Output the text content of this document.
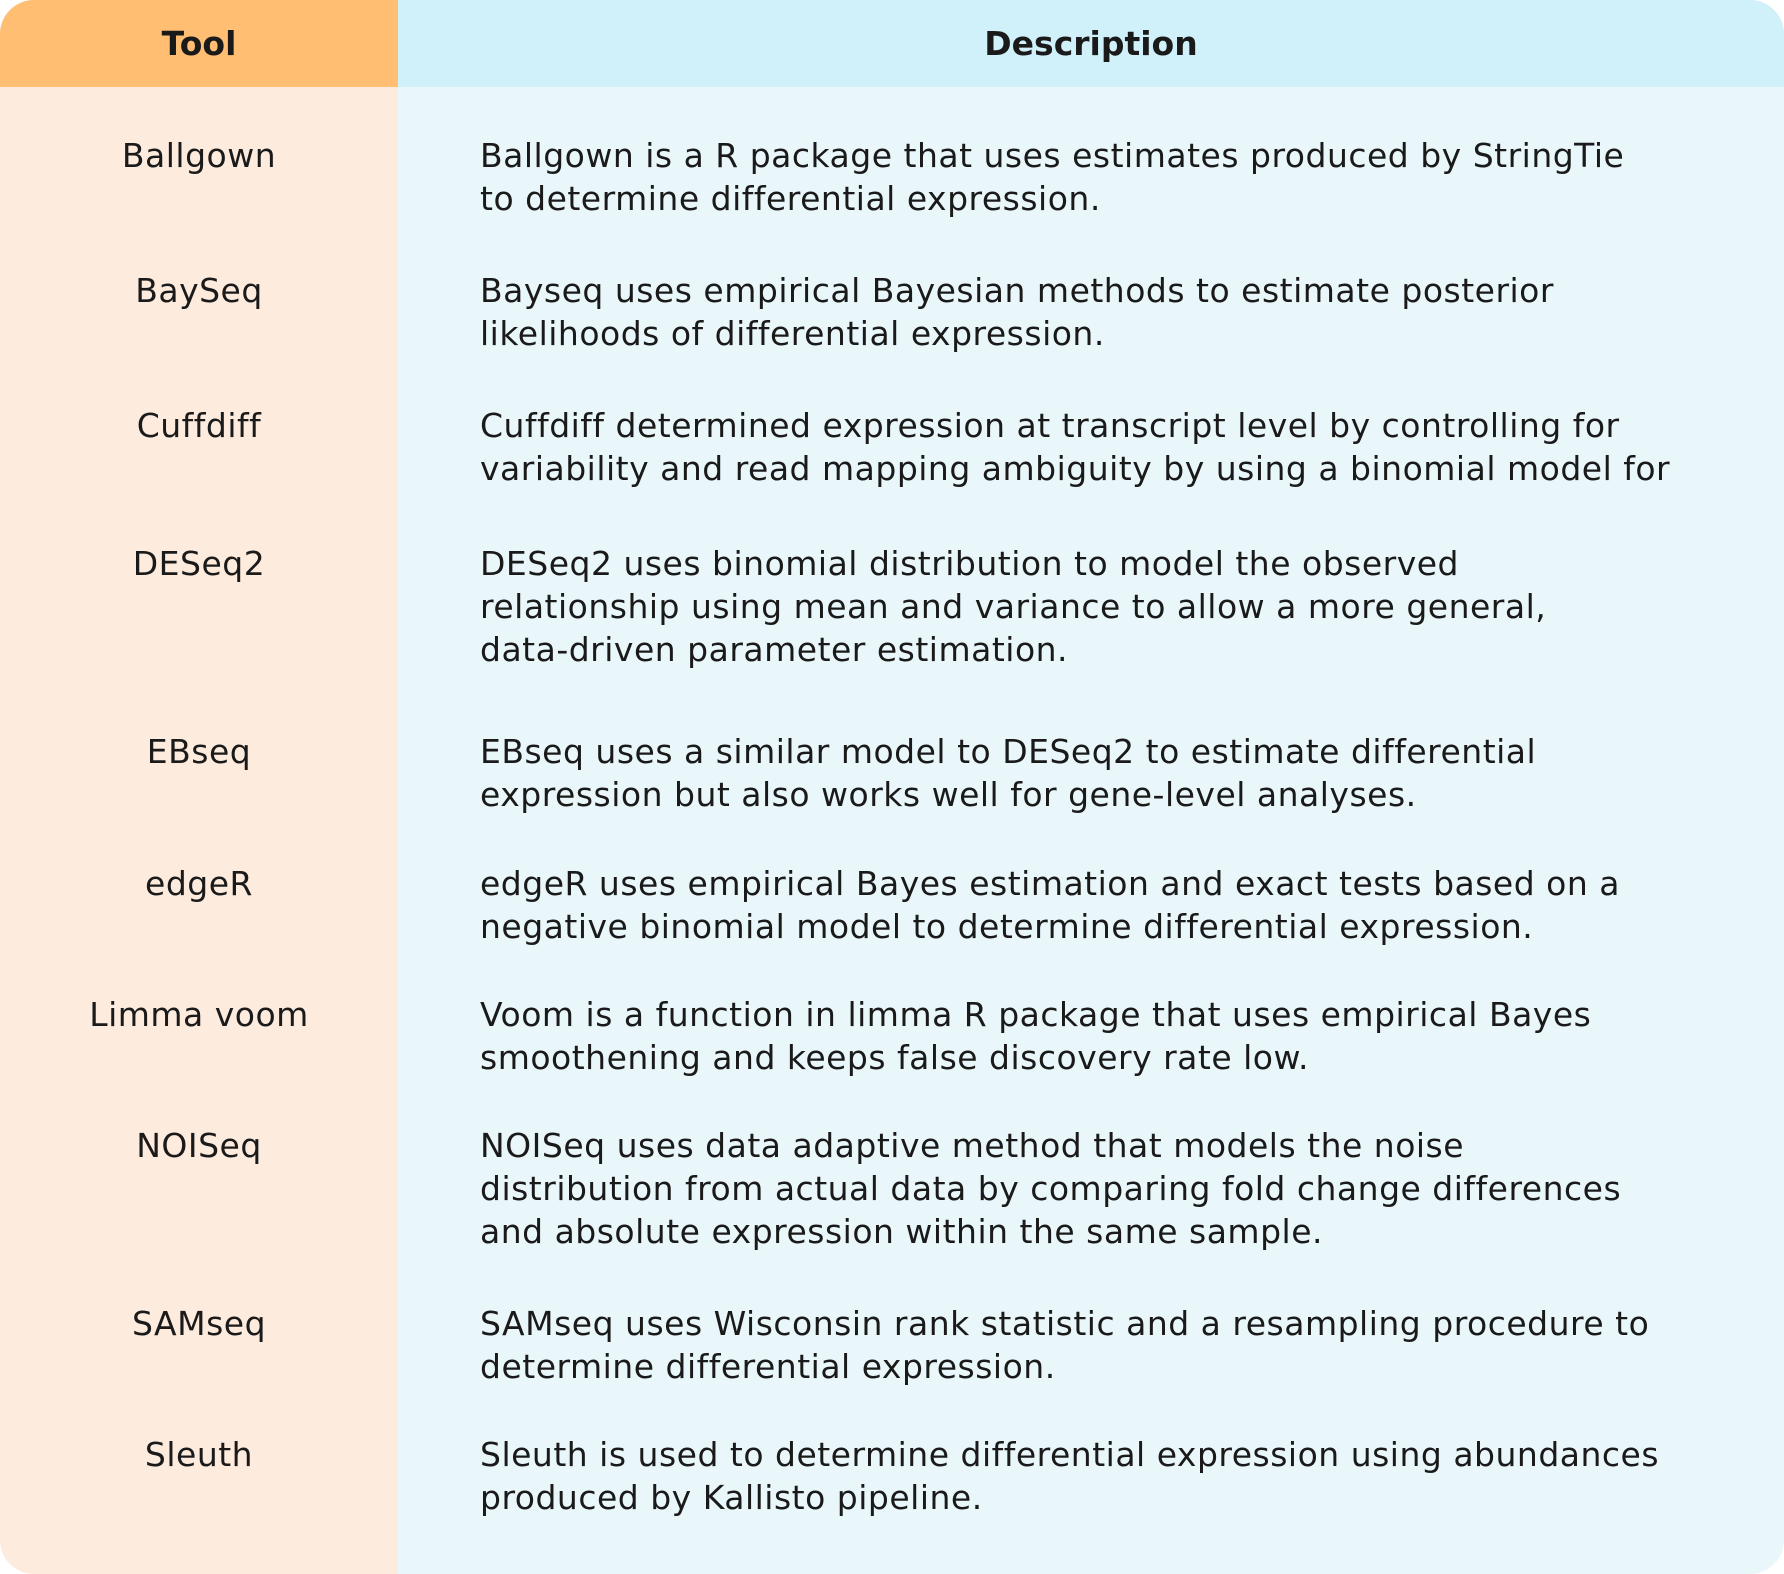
Tool	Description
Ballgown	Ballgown is a R package that uses estimates produced by StringTie
to determine differential expression.
BaySeq	Bayseq uses empirical Bayesian methods to estimate posterior
likelihoods of differential expression.
Cuffdiff	Cuffdiff determined expression at transcript level by controlling for
variability and read mapping ambiguity by using a binomial model for
DESeq2	DESeq2 uses binomial distribution to model the observed
relationship using mean and variance to allow a more general,
data-driven parameter estimation.
EBseq	EBseq uses a similar model to DESeq2 to estimate differential
expression but also works well for gene-level analyses.
edgeR	edgeR uses empirical Bayes estimation and exact tests based on a
negative binomial model to determine differential expression.
Limma voom	Voom is a function in limma R package that uses empirical Bayes
smoothening and keeps false discovery rate low.
NOISeq	NOISeq uses data adaptive method that models the noise
distribution from actual data by comparing fold change differences
and absolute expression within the same sample.
SAMseq	SAMseq uses Wisconsin rank statistic and a resampling procedure to
determine differential expression.
Sleuth	Sleuth is used to determine differential expression using abundances
produced by Kallisto pipeline.
